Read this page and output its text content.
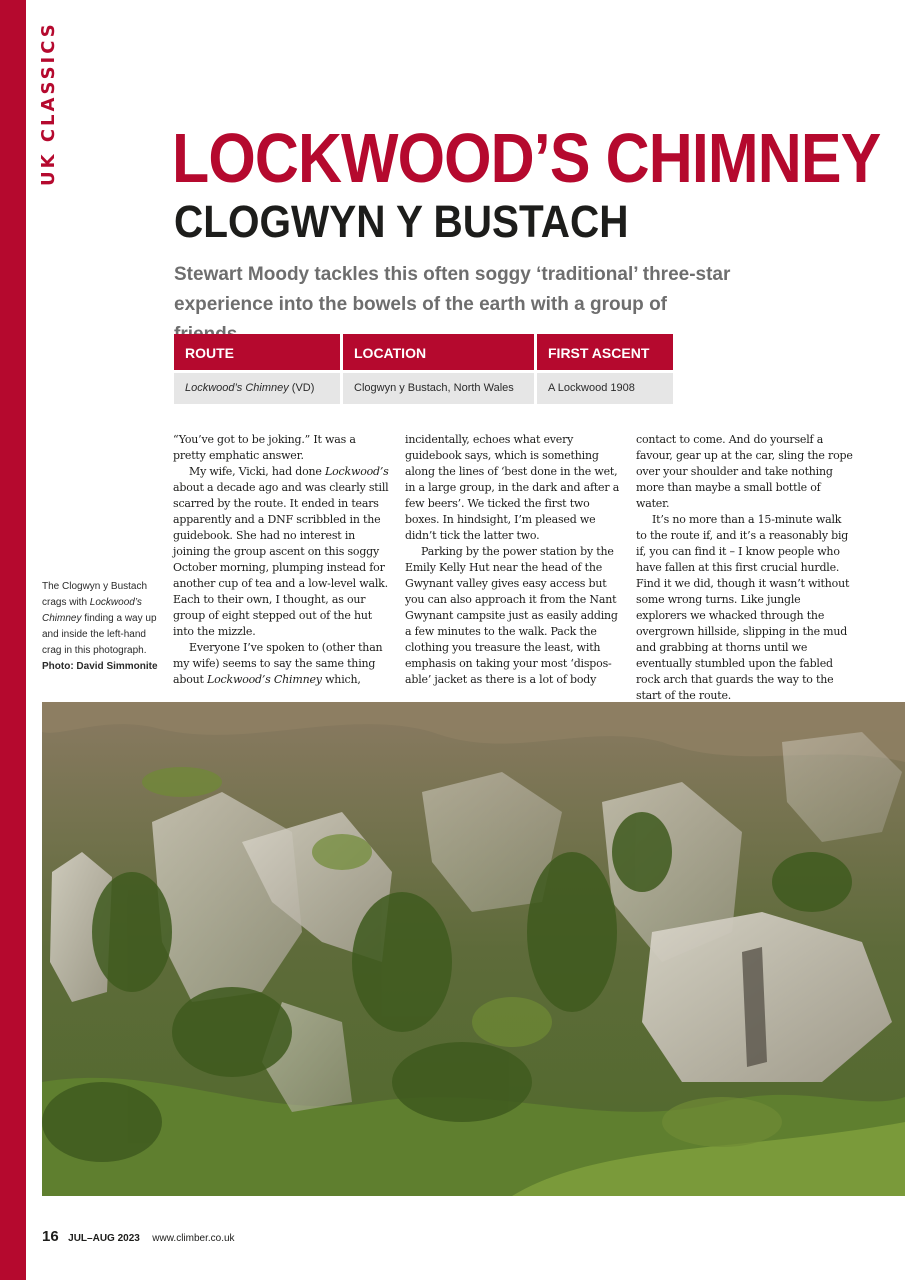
UK CLASSICS LOCKWOOD’S CHIMNEY
CLOGWYN Y BUSTACH

Stewart Moody tackles this often soggy ‘traditional’ three-star experience into the bowels of the earth with a group of

ROUTE
Lockwood’s Chimney (VD)
LOCATION
Clogwyn y Bustach, North Wales
FIRST ASCENT
A Lockwood 1908
The Clogwyn y Bustach crags with Lockwood’s Chimney finding a way up and inside the left-hand crag in this photograph. Photo: David Simmonite

“You’ve got to be joking.” It was a pretty emphatic answer.

My wife, Vicki, had done Lockwood’s about a decade ago and was clearly still scarred by the route. It ended in tears apparently and a DNF scribbled in the guidebook. She had no interest in joining the group ascent on this soggy October morning, plumping instead for another cup of tea and a low-level walk. Each to their own, I thought, as our group of eight stepped out of the hut into the mizzle.

Everyone I’ve spoken to (other than my wife) seems to say the same thing about Lockwood’s Chimney which,

incidentally, echoes what every guidebook says, which is something along the lines of ‘best done in the wet, in a large group, in the dark and after a few beers’. We ticked the first two boxes. In hindsight, I’m pleased we didn’t tick the latter two.

Parking by the power station by the Emily Kelly Hut near the head of the Gwynant valley gives easy access but you can also approach it from the Nant Gwynant campsite just as easily adding a few minutes to the walk. Pack the clothing you treasure the least, with emphasis on taking your most ‘dispos- able’ jacket as there is a lot of body

contact to come. And do yourself a favour, gear up at the car, sling the rope over your shoulder and take nothing more than maybe a small bottle of water.

It’s no more than a 15-minute walk to the route if, and it’s a reasonably big if, you can find it – I know people who have fallen at this first crucial hurdle. Find it we did, though it wasn’t without some wrong turns. Like jungle explorers we whacked through the overgrown hillside, slipping in the mud and grabbing at thorns until we eventually stumbled upon the fabled rock arch that guards the way to the start of the route.

16 JUL–AUG 2023 www.climber.co.uk
